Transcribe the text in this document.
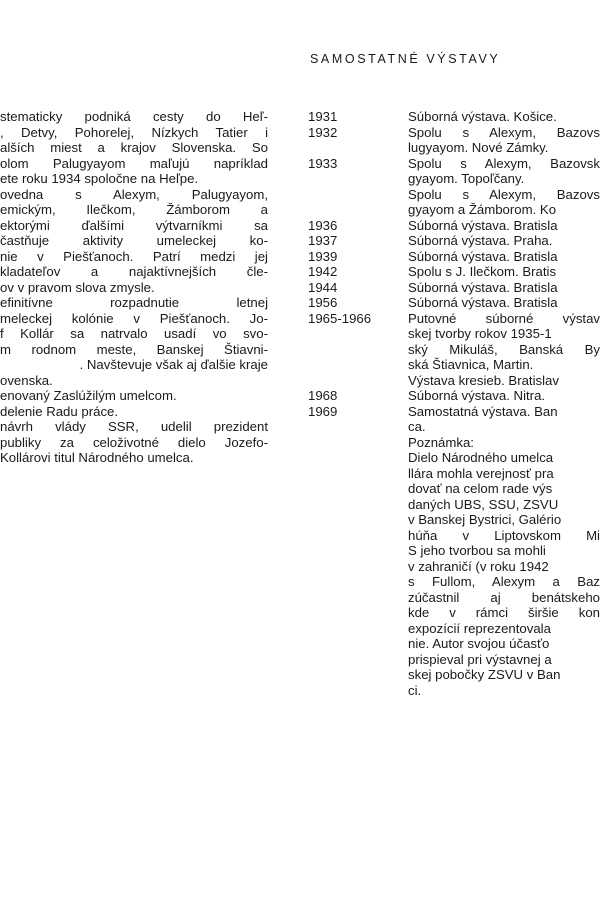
SAMOSTATNÉ VÝSTAVY
stematicky podniká cesty do Heľ-
, Detvy, Pohorelej, Nízkych Tatier i
alších miest a krajov Slovenska. So
olom Palugyayom maľujú napríklad
ete roku 1934 spoločne na Heľpe.
ovedna s Alexym, Palugyayom,
emickým, Ilečkom, Žámborom a
ektorými ďalšími výtvarníkmi sa
častňuje aktivity umeleckej ko-
nie v Piešťanoch. Patrí medzi jej
kladateľov a najaktívnejších čle-
ov v pravom slova zmysle.
efinitívne rozpadnutie letnej
meleckej kolónie v Piešťanoch. Jo-
f Kollár sa natrvalo usadí vo svo-
m rodnom meste, Banskej Štiavni-
. Navštevuje však aj ďalšie kraje
ovenska.
enovaný Zaslúžilým umelcom.
delenie Radu práce.
návrh vlády SSR, udelil prezident
publiky za celoživotné dielo Jozefo-
Kollárovi titul Národného umelca.
1931	Súborná výstava. Košice.
1932	Spolu s Alexym, Bazovs
lugyayom. Nové Zámky.
1933	Spolu s Alexym, Bazovsk
gyayom. Topoľčany.
Spolu s Alexym, Bazovs
gyayom a Žámborom. Ko
1936	Súborná výstava. Bratisla
1937	Súborná výstava. Praha.
1939	Súborná výstava. Bratisla
1942	Spolu s J. Ilečkom. Bratis
1944	Súborná výstava. Bratisla
1956	Súborná výstava. Bratisla
1965-1966	Putovné súborné výstav
skej tvorby rokov 1935-1
ský Mikuláš, Banská By
ská Štiavnica, Martin.
Výstava kresieb. Bratislav
1968	Súborná výstava. Nitra.
1969	Samostatná výstava. Ban
ca.
Poznámka:
Dielo Národného umelca
llára mohla verejnosť pra
dovať na celom rade výs
daných UBS, SSU, ZSVU
v Banskej Bystrici, Galério
húňa v Liptovskom Mi
S jeho tvorbou sa mohli
v zahraničí (v roku 1942
s Fullom, Alexym a Baz
zúčastnil aj benátskeho
kde v rámci širšie kon
expozícií reprezentovala
nie. Autor svojou účasťo
prispieval pri výstavnej a
skej pobočky ZSVU v Ban
ci.
